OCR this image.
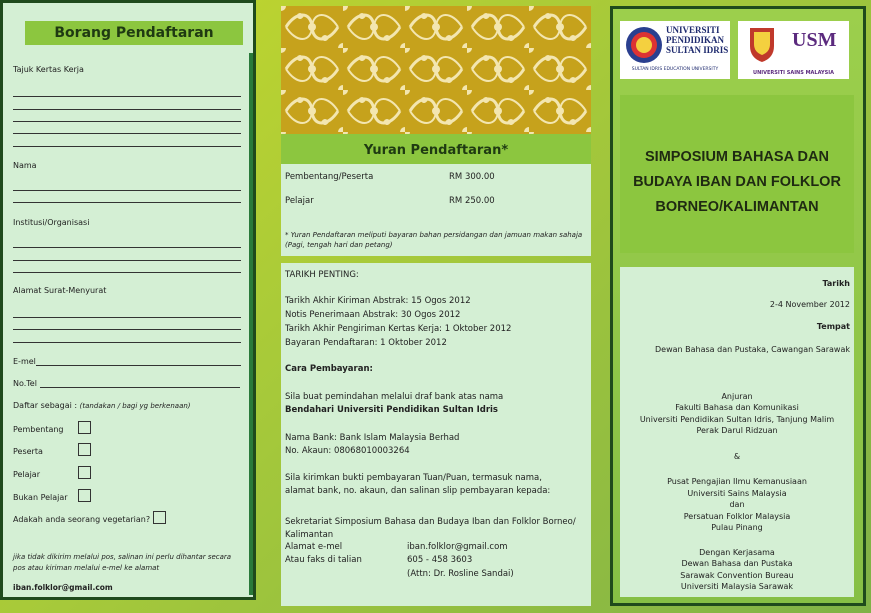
Borang Pendaftaran
Tajuk Kertas Kerja
Nama
Institusi/Organisasi
Alamat Surat-Menyurat
E-mel
No.Tel
Daftar sebagai : (tandakan / bagi yg berkenaan)
Pembentang
Peserta
Pelajar
Bukan Pelajar
Adakah anda seorang vegetarian?
jika tidak dikirim melalui pos, salinan ini perlu dihantar secara pos atau kiriman melalui e-mel ke alamat
iban.folklor@gmail.com
Yuran Pendaftaran*
Pembentang/Peserta	RM 300.00
Pelajar	RM 250.00
* Yuran Pendaftaran meliputi bayaran bahan persidangan dan jamuan makan sahaja (Pagi, tengah hari dan petang)
TARIKH PENTING:
Tarikh Akhir Kiriman Abstrak: 15 Ogos 2012
Notis Penerimaan Abstrak: 30 Ogos 2012
Tarikh Akhir Pengiriman Kertas Kerja: 1 Oktober 2012
Bayaran Pendaftaran: 1 Oktober 2012
Cara Pembayaran:
Sila buat pemindahan melalui draf bank atas nama
Bendahari Universiti Pendidikan Sultan Idris
Nama Bank: Bank Islam Malaysia Berhad
No. Akaun: 08068010003264
Sila kirimkan bukti pembayaran Tuan/Puan, termasuk nama,
alamat bank, no. akaun, dan salinan slip pembayaran kepada:
Sekretariat Simposium Bahasa dan Budaya Iban dan Folklor Borneo/
Kalimantan
Alamat e-mel	iban.folklor@gmail.com
Atau faks di talian	605 - 458 3603
(Attn: Dr. Rosline Sandai)
UNIVERSITI
PENDIDIKAN
SULTAN IDRIS
SULTAN IDRIS EDUCATION UNIVERSITY
USM
UNIVERSITI SAINS MALAYSIA
SIMPOSIUM BAHASA DAN
BUDAYA IBAN DAN FOLKLOR
BORNEO/KALIMANTAN
Tarikh
2-4 November 2012
Tempat
Dewan Bahasa dan Pustaka, Cawangan Sarawak
Anjuran
Fakulti Bahasa dan Komunikasi
Universiti Pendidikan Sultan Idris, Tanjung Malim
Perak Darul Ridzuan
&
Pusat Pengajian Ilmu Kemanusiaan
Universiti Sains Malaysia
dan
Persatuan Folklor Malaysia
Pulau Pinang
Dengan Kerjasama
Dewan Bahasa dan Pustaka
Sarawak Convention Bureau
Universiti Malaysia Sarawak
